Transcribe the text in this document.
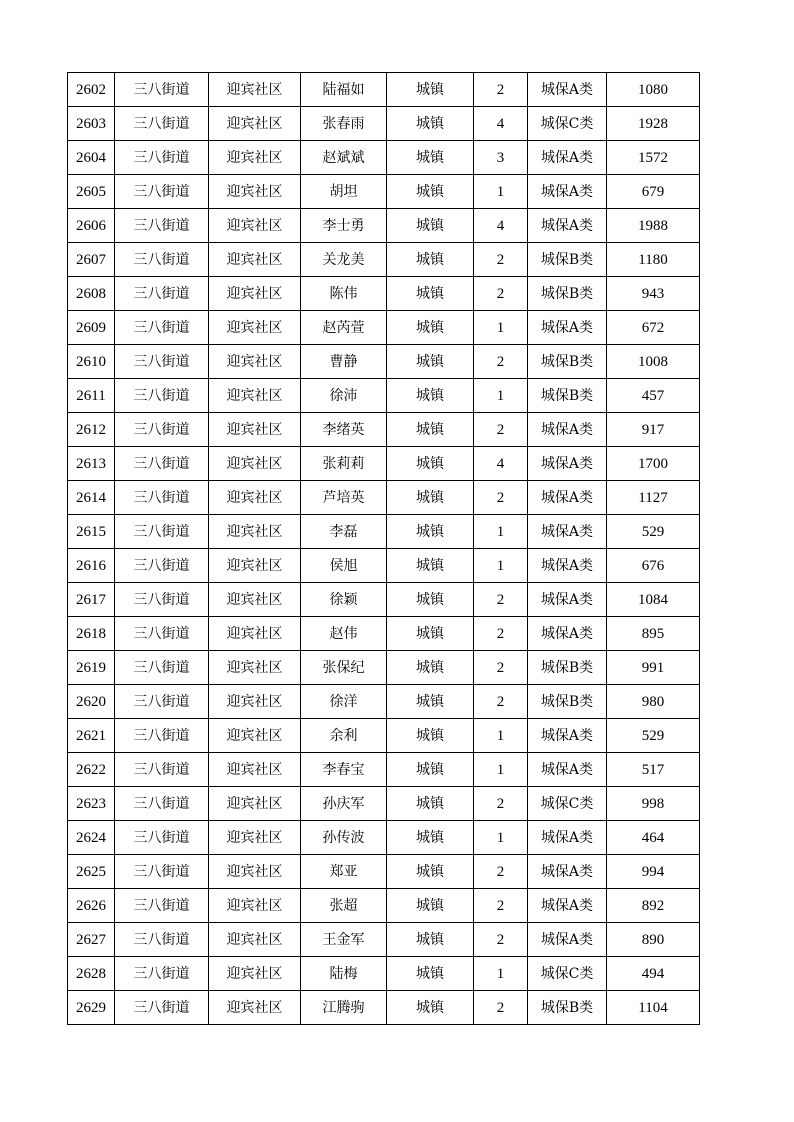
2602	三八街道	迎宾社区	陆福如	城镇	2	城保A类	1080
2603	三八街道	迎宾社区	张春雨	城镇	4	城保C类	1928
2604	三八街道	迎宾社区	赵斌斌	城镇	3	城保A类	1572
2605	三八街道	迎宾社区	胡坦	城镇	1	城保A类	679
2606	三八街道	迎宾社区	李士勇	城镇	4	城保A类	1988
2607	三八街道	迎宾社区	关龙美	城镇	2	城保B类	1180
2608	三八街道	迎宾社区	陈伟	城镇	2	城保B类	943
2609	三八街道	迎宾社区	赵芮萱	城镇	1	城保A类	672
2610	三八街道	迎宾社区	曹静	城镇	2	城保B类	1008
2611	三八街道	迎宾社区	徐沛	城镇	1	城保B类	457
2612	三八街道	迎宾社区	李绪英	城镇	2	城保A类	917
2613	三八街道	迎宾社区	张莉莉	城镇	4	城保A类	1700
2614	三八街道	迎宾社区	芦培英	城镇	2	城保A类	1127
2615	三八街道	迎宾社区	李磊	城镇	1	城保A类	529
2616	三八街道	迎宾社区	侯旭	城镇	1	城保A类	676
2617	三八街道	迎宾社区	徐颖	城镇	2	城保A类	1084
2618	三八街道	迎宾社区	赵伟	城镇	2	城保A类	895
2619	三八街道	迎宾社区	张保纪	城镇	2	城保B类	991
2620	三八街道	迎宾社区	徐洋	城镇	2	城保B类	980
2621	三八街道	迎宾社区	余利	城镇	1	城保A类	529
2622	三八街道	迎宾社区	李春宝	城镇	1	城保A类	517
2623	三八街道	迎宾社区	孙庆军	城镇	2	城保C类	998
2624	三八街道	迎宾社区	孙传波	城镇	1	城保A类	464
2625	三八街道	迎宾社区	郑亚	城镇	2	城保A类	994
2626	三八街道	迎宾社区	张超	城镇	2	城保A类	892
2627	三八街道	迎宾社区	王金军	城镇	2	城保A类	890
2628	三八街道	迎宾社区	陆梅	城镇	1	城保C类	494
2629	三八街道	迎宾社区	江腾驹	城镇	2	城保B类	1104
